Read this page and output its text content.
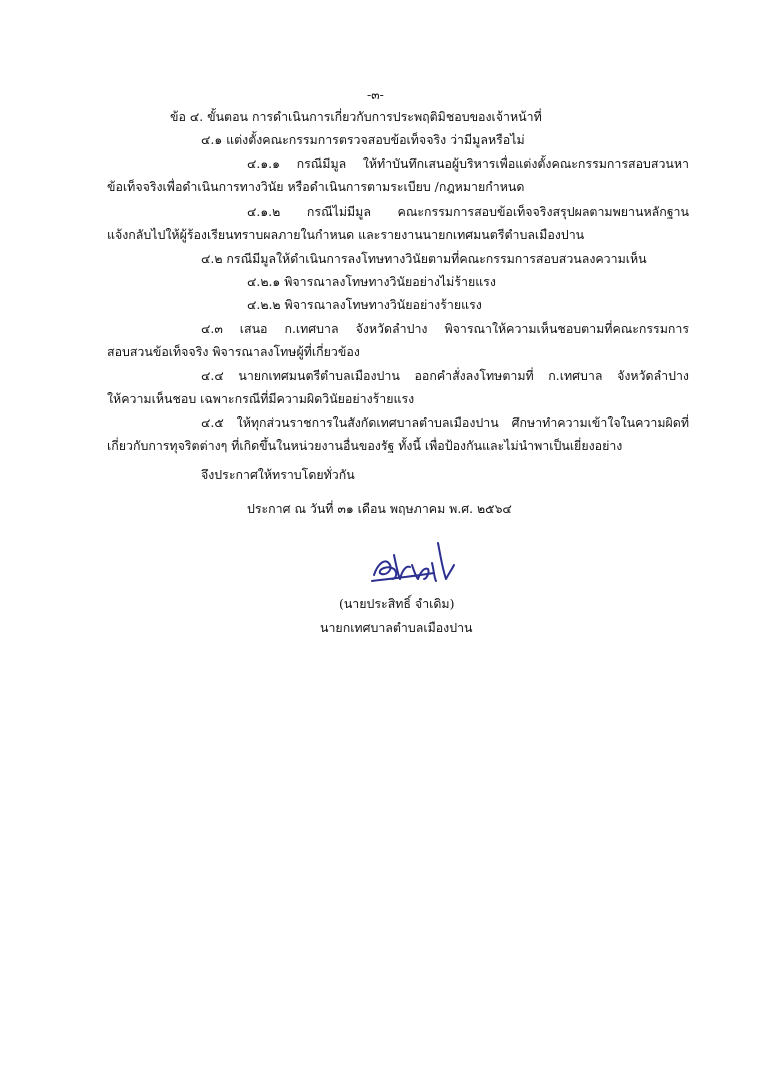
-๓-
ข้อ ๔. ขั้นตอน การดำเนินการเกี่ยวกับการประพฤติมิชอบของเจ้าหน้าที่
๔.๑ แต่งตั้งคณะกรรมการตรวจสอบข้อเท็จจริง ว่ามีมูลหรือไม่
๔.๑.๑ กรณีมีมูล ให้ทำบันทึกเสนอผู้บริหารเพื่อแต่งตั้งคณะกรรมการสอบสวนหา
ข้อเท็จจริงเพื่อดำเนินการทางวินัย หรือดำเนินการตามระเบียบ /กฎหมายกำหนด
๔.๑.๒ กรณีไม่มีมูล คณะกรรมการสอบข้อเท็จจริงสรุปผลตามพยานหลักฐาน
แจ้งกลับไปให้ผู้ร้องเรียนทราบผลภายในกำหนด และรายงานนายกเทศมนตรีตำบลเมืองปาน
๔.๒ กรณีมีมูลให้ดำเนินการลงโทษทางวินัยตามที่คณะกรรมการสอบสวนลงความเห็น
๔.๒.๑ พิจารณาลงโทษทางวินัยอย่างไม่ร้ายแรง
๔.๒.๒ พิจารณาลงโทษทางวินัยอย่างร้ายแรง
๔.๓ เสนอ ก.เทศบาล จังหวัดลำปาง พิจารณาให้ความเห็นชอบตามที่คณะกรรมการ
สอบสวนข้อเท็จจริง พิจารณาลงโทษผู้ที่เกี่ยวข้อง
๔.๔ นายกเทศมนตรีตำบลเมืองปาน ออกคำสั่งลงโทษตามที่ ก.เทศบาล จังหวัดลำปาง
ให้ความเห็นชอบ เฉพาะกรณีที่มีความผิดวินัยอย่างร้ายแรง
๔.๕ ให้ทุกส่วนราชการในสังกัดเทศบาลตำบลเมืองปาน ศึกษาทำความเข้าใจในความผิดที่
เกี่ยวกับการทุจริตต่างๆ ที่เกิดขึ้นในหน่วยงานอื่นของรัฐ ทั้งนี้ เพื่อป้องกันและไม่นำพาเป็นเยี่ยงอย่าง
จึงประกาศให้ทราบโดยทั่วกัน
ประกาศ ณ วันที่ ๓๑ เดือน พฤษภาคม พ.ศ. ๒๕๖๔
(นายประสิทธิ์ จำเดิม)
นายกเทศบาลตำบลเมืองปาน
